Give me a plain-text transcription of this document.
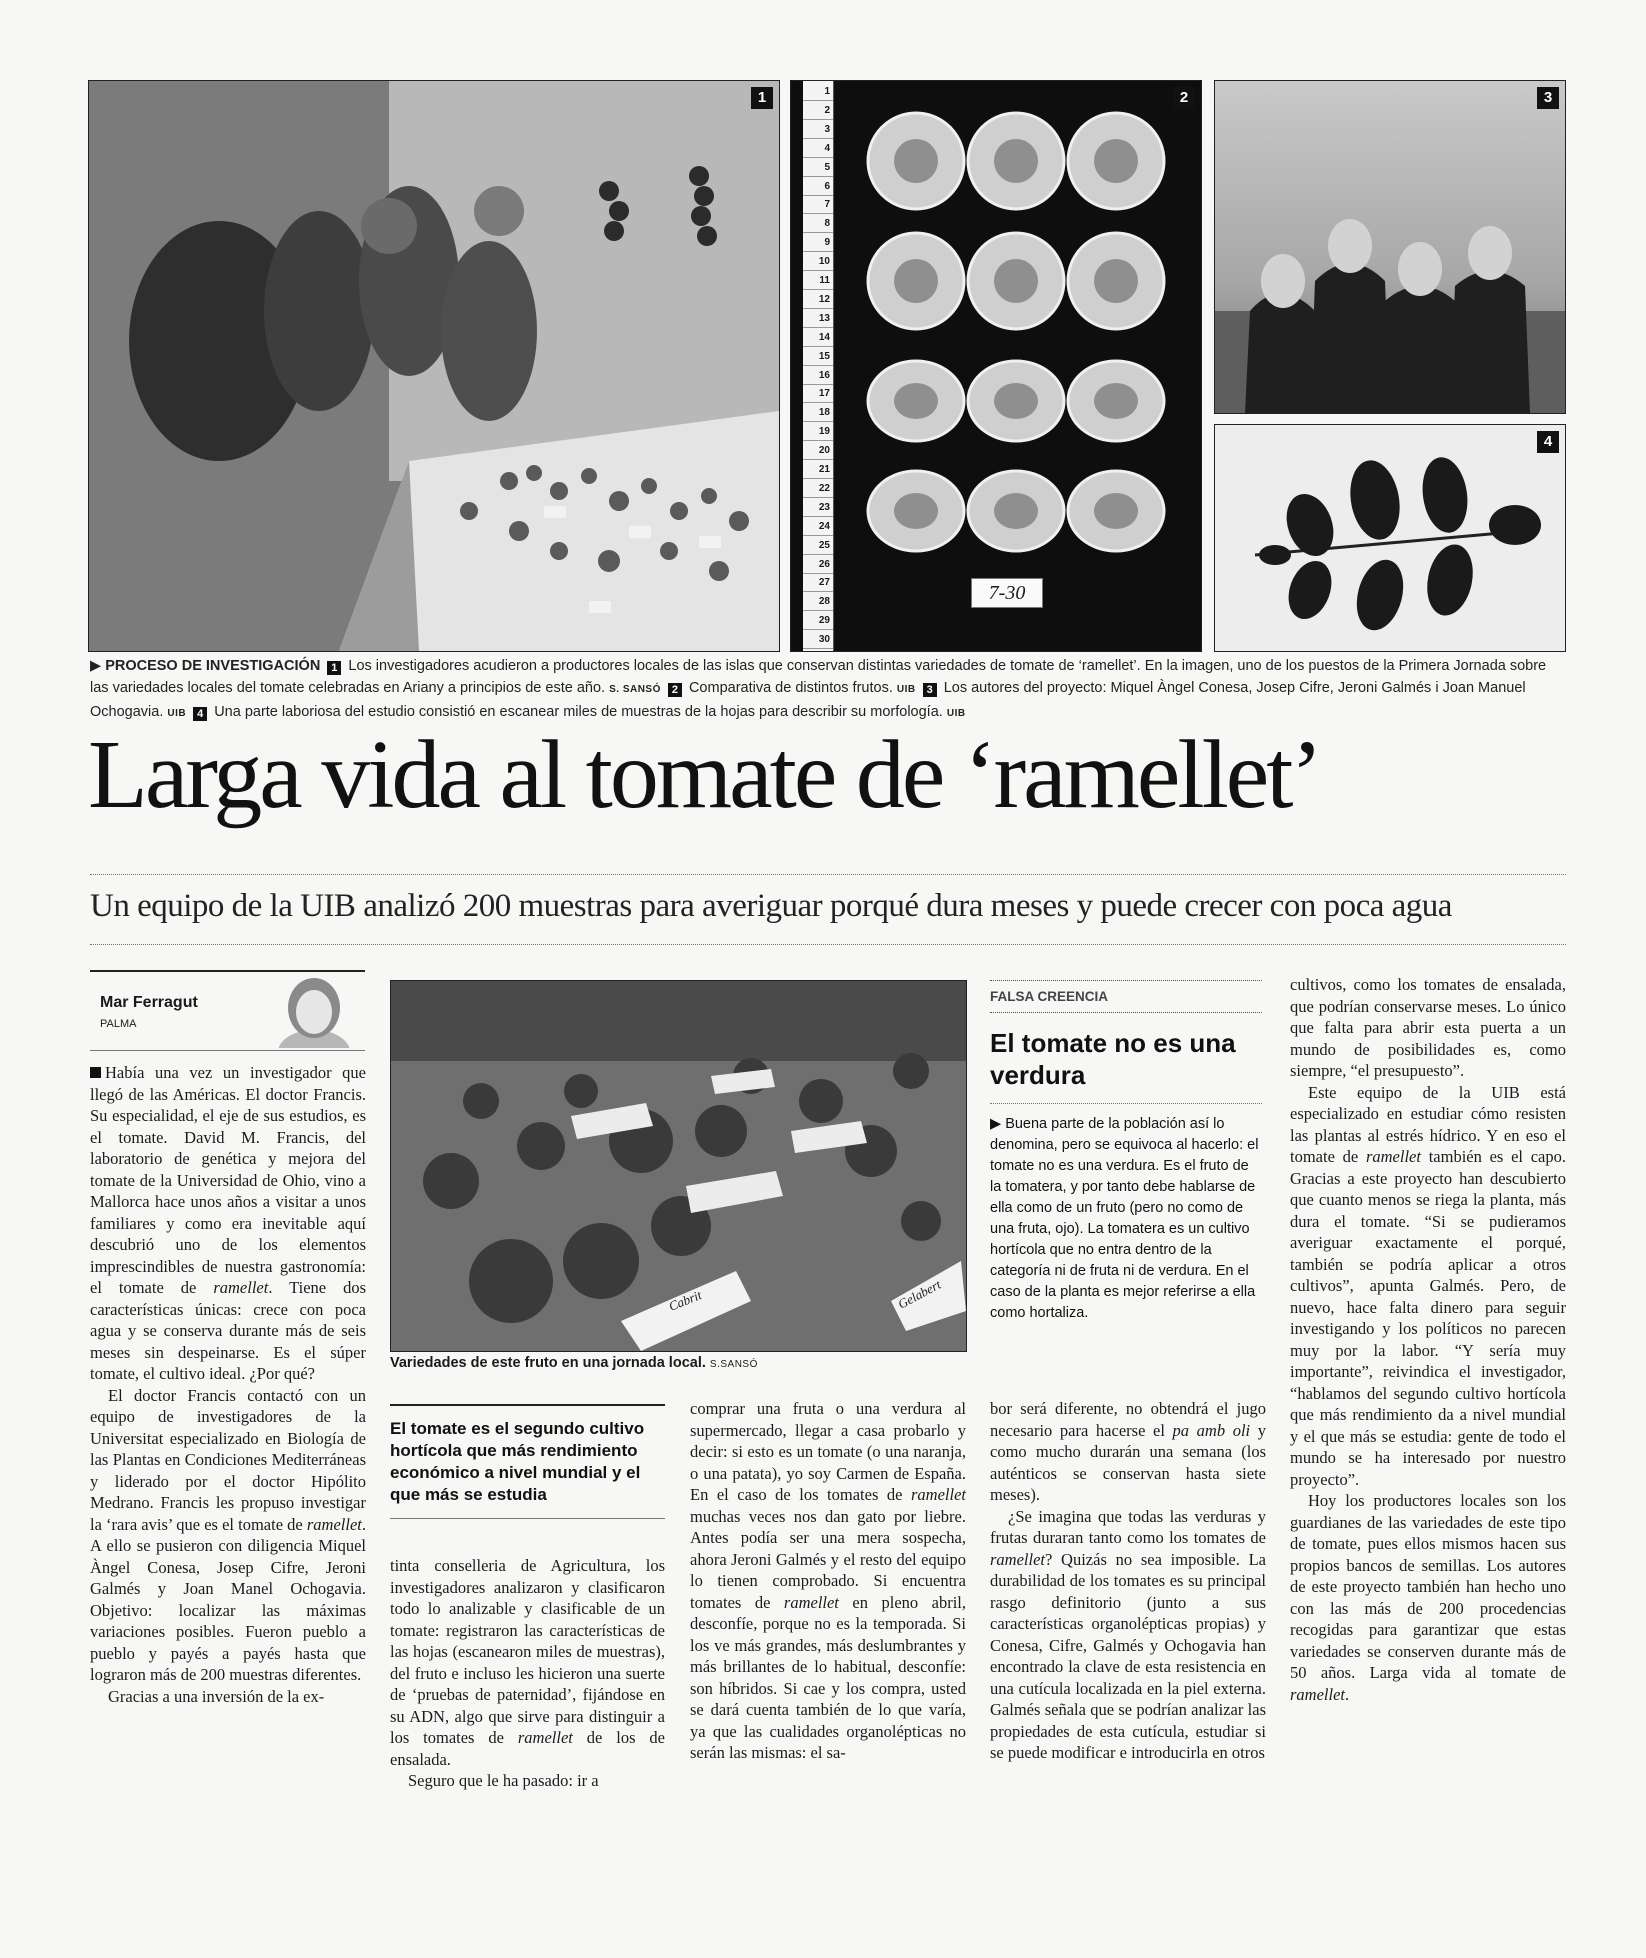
1	1
2
3
4
5
6
7
8
9
10
11
12
13
14
15
16
17
18
19
20
21
22
23
24
25
26
27
28
29
30
7-30
2	3
4
▶ PROCESO DE INVESTIGACIÓN 1 Los investigadores acudieron a productores locales de las islas que conservan distintas variedades de tomate de ‘ramellet’. En la imagen, uno de los puestos de la Primera Jornada sobre las variedades locales del tomate celebradas en Ariany a principios de este año. S. SANSÓ 2 Comparativa de distintos frutos. UIB 3 Los autores del proyecto: Miquel Àngel Conesa, Josep Cifre, Jeroni Galmés i Joan Manuel Ochogavia. UIB 4 Una parte laboriosa del estudio consistió en escanear miles de muestras de la hojas para describir su morfología. UIB
Larga vida al tomate de ‘ramellet’
Un equipo de la UIB analizó 200 muestras para averiguar porqué dura meses y puede crecer con poca agua
Mar Ferragut
PALMA
Cabrit	Gelabert
Variedades de este fruto en una jornada local. S.SANSÓ

Había una vez un investigador que llegó de las Américas. El doctor Francis. Su especialidad, el eje de sus estudios, es el tomate. David M. Francis, del laboratorio de genética y mejora del tomate de la Universidad de Ohio, vino a Mallorca hace unos años a visitar a unos familiares y como era inevitable aquí descubrió uno de los elementos imprescindibles de nuestra gastronomía: el tomate de ramellet. Tiene dos características únicas: crece con poca agua y se conserva durante más de seis meses sin despeinarse. Es el súper tomate, el cultivo ideal. ¿Por qué?

El doctor Francis contactó con un equipo de investigadores de la Universitat especializado en Biología de las Plantas en Condiciones Mediterráneas y liderado por el doctor Hipólito Medrano. Francis les propuso investigar la ‘rara avis’ que es el tomate de ramellet. A ello se pusieron con diligencia Miquel Àngel Conesa, Josep Cifre, Jeroni Galmés y Joan Manel Ochogavia. Objetivo: localizar las máximas variaciones posibles. Fueron pueblo a pueblo y payés a payés hasta que lograron más de 200 muestras diferentes.

Gracias a una inversión de la ex-

El tomate es el segundo cultivo hortícola que más rendimiento económico a nivel mundial y el que más se estudia

tinta conselleria de Agricultura, los investigadores analizaron y clasificaron todo lo analizable y clasificable de un tomate: registraron las características de las hojas (escanearon miles de muestras), del fruto e incluso les hicieron una suerte de ‘pruebas de paternidad’, fijándose en su ADN, algo que sirve para distinguir a los tomates de ramellet de los de ensalada.

Seguro que le ha pasado: ir a

comprar una fruta o una verdura al supermercado, llegar a casa probarlo y decir: si esto es un tomate (o una naranja, o una patata), yo soy Carmen de España. En el caso de los tomates de ramellet muchas veces nos dan gato por liebre. Antes podía ser una mera sospecha, ahora Jeroni Galmés y el resto del equipo lo tienen comprobado. Si encuentra tomates de ramellet en pleno abril, desconfíe, porque no es la temporada. Si los ve más grandes, más deslumbrantes y más brillantes de lo habitual, desconfíe: son híbridos. Si cae y los compra, usted se dará cuenta también de lo que varía, ya que las cualidades organolépticas no serán las mismas: el sa-

FALSA CREENCIA
El tomate no es una verdura
▶ Buena parte de la población así lo denomina, pero se equivoca al hacerlo: el tomate no es una verdura. Es el fruto de la tomatera, y por tanto debe hablarse de ella como de un fruto (pero no como de una fruta, ojo). La tomatera es un cultivo hortícola que no entra dentro de la categoría ni de fruta ni de verdura. En el caso de la planta es mejor referirse a ella como hortaliza.

bor será diferente, no obtendrá el jugo necesario para hacerse el pa amb oli y como mucho durarán una semana (los auténticos se conservan hasta siete meses).

¿Se imagina que todas las verduras y frutas duraran tanto como los tomates de ramellet? Quizás no sea imposible. La durabilidad de los tomates es su principal rasgo definitorio (junto a sus características organolépticas propias) y Conesa, Cifre, Galmés y Ochogavia han encontrado la clave de esta resistencia en una cutícula localizada en la piel externa. Galmés señala que se podrían analizar las propiedades de esta cutícula, estudiar si se puede modificar e introducirla en otros

cultivos, como los tomates de ensalada, que podrían conservarse meses. Lo único que falta para abrir esta puerta a un mundo de posibilidades es, como siempre, “el presupuesto”.

Este equipo de la UIB está especializado en estudiar cómo resisten las plantas al estrés hídrico. Y en eso el tomate de ramellet también es el capo. Gracias a este proyecto han descubierto que cuanto menos se riega la planta, más dura el tomate. “Si se pudieramos averiguar exactamente el porqué, también se podría aplicar a otros cultivos”, apunta Galmés. Pero, de nuevo, hace falta dinero para seguir investigando y los políticos no parecen muy por la labor. “Y sería muy importante”, reivindica el investigador, “hablamos del segundo cultivo hortícola que más rendimiento da a nivel mundial y el que más se estudia: gente de todo el mundo se ha interesado por nuestro proyecto”.

Hoy los productores locales son los guardianes de las variedades de este tipo de tomate, pues ellos mismos hacen sus propios bancos de semillas. Los autores de este proyecto también han hecho uno con las más de 200 procedencias recogidas para garantizar que estas variedades se conserven durante más de 50 años. Larga vida al tomate de ramellet.
